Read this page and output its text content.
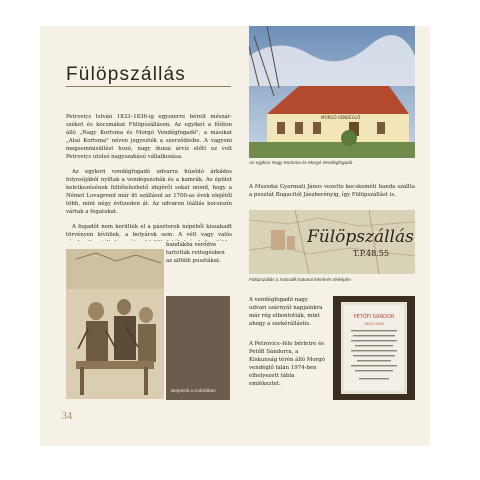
Fülöpszállás
Petrovics István 1833–1836-ig egyszerre bérelt mészár-széket és kocsmákat Fülöpszálláson. Az egyiket a főúton álló „Nagy Kortsma és Morgó Vendégfogadó", a másikat „Alsó Kortsma" néven jegyezték a szerződésbe. A vagyoni megsemmisüllést hozó, nagy dunai árvíz előtt ez volt Petrovics utolsó nagyszabású vállalkozása.
Az egykori vendégfogadó udvarra húzódó árkádos folyosójából nyíltak a vendégszobák és a kamrák. Az épület keletkezésének feltételezhető idejéről sokat mond, hogy a Német Lovagrend már itt szállásol az 1700-as évek elejétől több, mint négy évtizeden át. Az udvaron lóállás kocsiszín vártak a fogatokat.
A fogadót nem kerülték el a pásztorok népéből kiszakadt törvényen kívüliek, a betyárok sem. A vélt vagy valós
bandákba verődve tartották rettegésben az alföldi pusztákat.
Betyárok a csárdában
34
MORGÓ VENDÉGLŐ
Az egykori Nagy Kortsma és Morgó Vendégfogadó
A Muzsdai Gyarmati János vezette kecskeméti banda szállta a pusztát Bugacitól Jászberényig, így Fülöpszállást is.
Fülöpszállás
T.P.48.55
Fülöpszállás a második katonai felmérés térképén
A vendégfogadó nagy udvari szárnyát napjainkra már rég elbontották, mint ahogy a szekérállástis.
A Petrovics–féle bérletre és Petőfi Sándorra, a Kiskunság térén álló Morgó vendéglő falán 1974-ben elhelyezett tábla emlékeztet.
PETŐFI SÁNDOR
1823–1849
